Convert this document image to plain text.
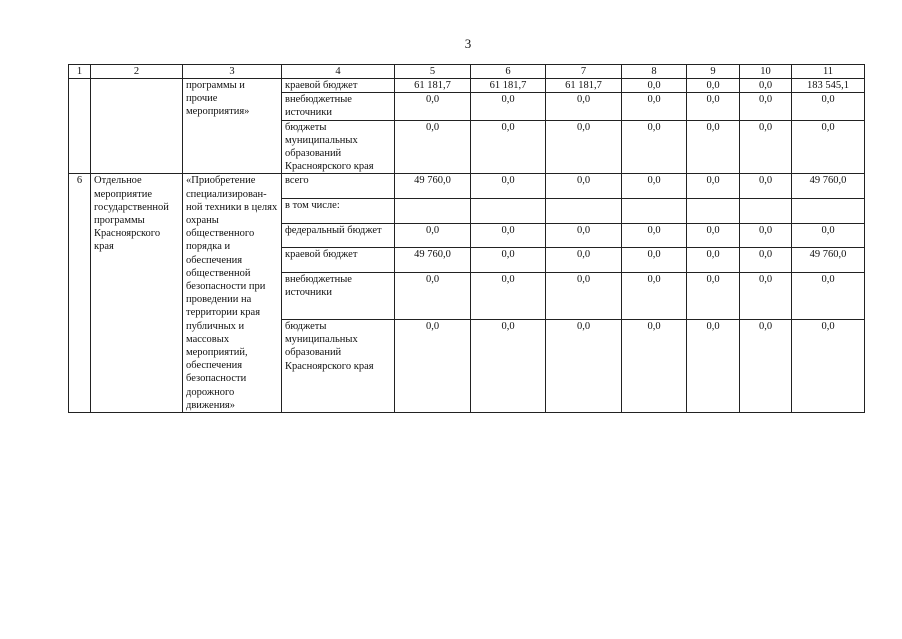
3
1	2	3	4	5	6	7	8	9	10	11
		программы и прочие мероприятия»	краевой бюджет	61 181,7	61 181,7	61 181,7	0,0	0,0	0,0	183 545,1
			внебюджетные источники	0,0	0,0	0,0	0,0	0,0	0,0	0,0
			бюджеты муниципальных образований Красноярского края	0,0	0,0	0,0	0,0	0,0	0,0	0,0
6	Отдельное мероприятие государственной программы Красноярского края	«Приобретение специализирован-ной техники в целях охраны общественного порядка и обеспечения общественной безопасности при проведении на территории края публичных и массовых мероприятий, обеспечения безопасности дорожного движения»	всего	49 760,0	0,0	0,0	0,0	0,0	0,0	49 760,0
			в том числе:							
			федеральный бюджет	0,0	0,0	0,0	0,0	0,0	0,0	0,0
			краевой бюджет	49 760,0	0,0	0,0	0,0	0,0	0,0	49 760,0
			внебюджетные источники	0,0	0,0	0,0	0,0	0,0	0,0	0,0
			бюджеты муниципальных образований Красноярского края	0,0	0,0	0,0	0,0	0,0	0,0	0,0
